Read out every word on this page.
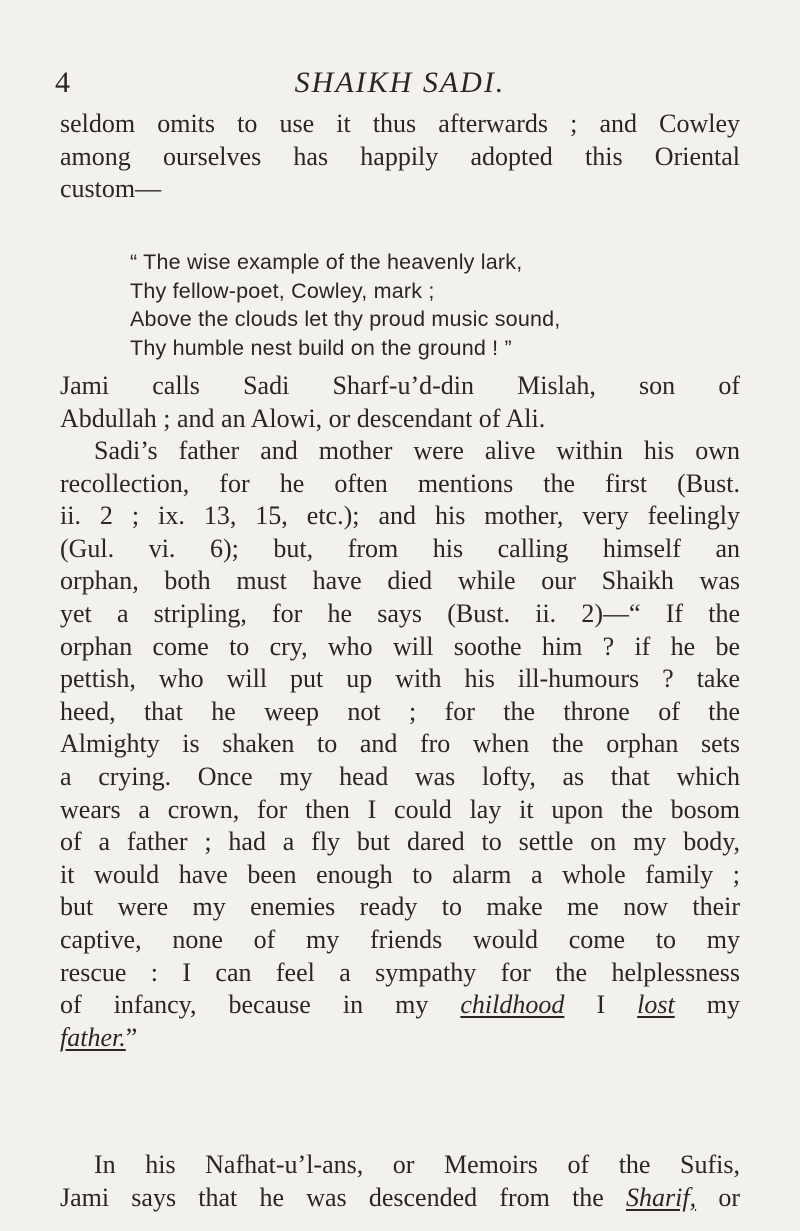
4	SHAIKH SADI.
seldom omits to use it thus afterwards ; and Cowley
among ourselves has happily adopted this Oriental
custom—
“ The wise example of the heavenly lark,
Thy fellow-poet, Cowley, mark ;
Above the clouds let thy proud music sound,
Thy humble nest build on the ground ! ”
Jami calls Sadi Sharf-u’d-din Mislah, son of
Abdullah ; and an Alowi, or descendant of Ali.
Sadi’s father and mother were alive within his own
recollection, for he often mentions the first (Bust.
ii. 2 ; ix. 13, 15, etc.); and his mother, very feelingly
(Gul. vi. 6); but, from his calling himself an
orphan, both must have died while our Shaikh was
yet a stripling, for he says (Bust. ii. 2)—“ If the
orphan come to cry, who will soothe him ? if he be
pettish, who will put up with his ill-humours ? take
heed, that he weep not ; for the throne of the
Almighty is shaken to and fro when the orphan sets
a crying. Once my head was lofty, as that which
wears a crown, for then I could lay it upon the bosom
of a father ; had a fly but dared to settle on my body,
it would have been enough to alarm a whole family ;
but were my enemies ready to make me now their
captive, none of my friends would come to my
rescue : I can feel a sympathy for the helplessness
of infancy, because in my childhood I lost my
father.”
In his Nafhat-u’l-ans, or Memoirs of the Sufis,
Jami says that he was descended from the Sharif, or
